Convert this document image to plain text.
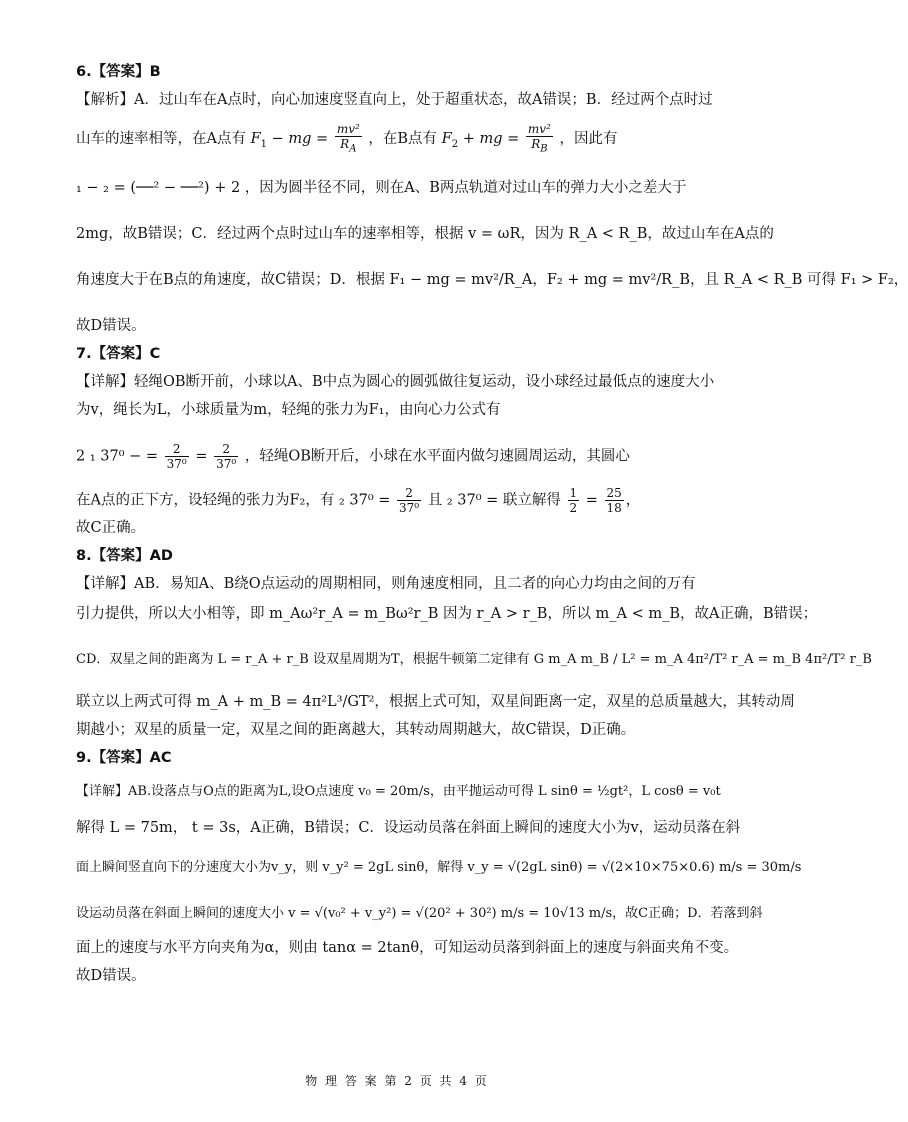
6.【答案】B
【解析】A．过山车在A点时，向心加速度竖直向上，处于超重状态，故A错误；B．经过两个点时过
山车的速率相等，在A点有 $F_1$ − mg = $\frac{\text{mv²}}{R_A}$ ，在B点有 $F_2$ + mg = $\frac{\text{mv²}}{R_B}$ ，因此有
₁ − ₂ = (──² − ──²) + 2 ，因为圆半径不同，则在A、B两点轨道对过山车的弹力大小之差大于
2mg，故B错误；C．经过两个点时过山车的速率相等，根据 v = ωR，因为 R_A < R_B，故过山车在A点的
角速度大于在B点的角速度，故C错误；D．根据 F₁ − mg = mv²/R_A，F₂ + mg = mv²/R_B，且 R_A < R_B 可得 F₁ > F₂，
故D错误。
7.【答案】C
【详解】轻绳OB断开前，小球以A、B中点为圆心的圆弧做往复运动，设小球经过最低点的速度大小
为v，绳长为L，小球质量为m，轻绳的张力为F₁，由向心力公式有
2 ₁ 37⁰ − = $\frac{2}{\text{37⁰}} = \frac{2}{\text{37⁰}}$ ，轻绳OB断开后，小球在水平面内做匀速圆周运动，其圆心
在A点的正下方，设轻绳的张力为F₂，有 ₂ $37^0 = \frac{2}{\text{37⁰}}$ 且 ₂ 37⁰ = 联立解得 $\frac{1}{2} = \frac{25}{18}$ ，
故C正确。
8.【答案】AD
【详解】AB．易知A、B绕O点运动的周期相同，则角速度相同，且二者的向心力均由之间的万有
引力提供，所以大小相等，即 m_Aω²r_A = m_Bω²r_B 因为 r_A > r_B，所以 m_A < m_B，故A正确，B错误；
CD．双星之间的距离为 L = r_A + r_B 设双星周期为T，根据牛顿第二定律有 G m_A m_B / L² = m_A 4π²/T² r_A = m_B 4π²/T² r_B
联立以上两式可得 m_A + m_B = 4π²L³/GT²，根据上式可知，双星间距离一定，双星的总质量越大，其转动周
期越小；双星的质量一定，双星之间的距离越大，其转动周期越大，故C错误，D正确。
9.【答案】AC
【详解】AB.设落点与O点的距离为L,设O点速度 v₀ = 20m/s，由平抛运动可得 L sinθ = ½gt²，L cosθ = v₀t
解得 L = 75m， t = 3s，A正确，B错误；C．设运动员落在斜面上瞬间的速度大小为v，运动员落在斜
面上瞬间竖直向下的分速度大小为v_y，则 v_y² = 2gL sinθ，解得 v_y = √(2gL sinθ) = √(2×10×75×0.6) m/s = 30m/s
设运动员落在斜面上瞬间的速度大小 v = √(v₀² + v_y²) = √(20² + 30²) m/s = 10√13 m/s，故C正确；D．若落到斜
面上的速度与水平方向夹角为α，则由 tanα = 2tanθ，可知运动员落到斜面上的速度与斜面夹角不变。
故D错误。
物 理 答 案 第 2 页 共 4 页
